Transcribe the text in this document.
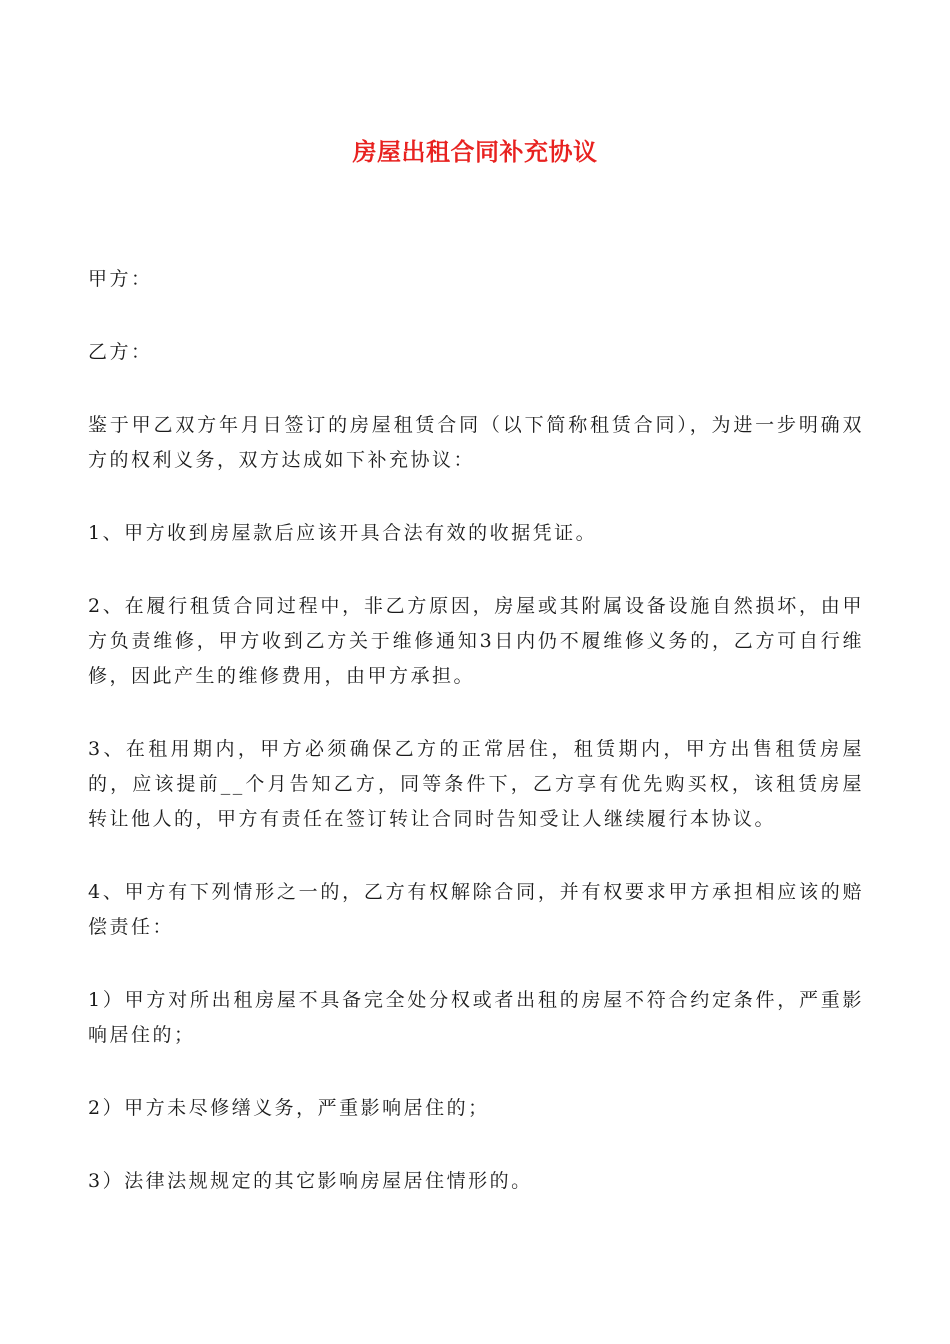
房屋出租合同补充协议

甲方：

乙方：

鉴于甲乙双方年月日签订的房屋租赁合同（以下简称租赁合同），为进一步明确双方的权利义务，双方达成如下补充协议：

1、甲方收到房屋款后应该开具合法有效的收据凭证。

2、在履行租赁合同过程中，非乙方原因，房屋或其附属设备设施自然损坏，由甲方负责维修，甲方收到乙方关于维修通知3日内仍不履维修义务的，乙方可自行维修，因此产生的维修费用，由甲方承担。

3、在租用期内，甲方必须确保乙方的正常居住，租赁期内，甲方出售租赁房屋的，应该提前__个月告知乙方，同等条件下，乙方享有优先购买权，该租赁房屋转让他人的，甲方有责任在签订转让合同时告知受让人继续履行本协议。

4、甲方有下列情形之一的，乙方有权解除合同，并有权要求甲方承担相应该的赔偿责任：

1）甲方对所出租房屋不具备完全处分权或者出租的房屋不符合约定条件，严重影响居住的；

2）甲方未尽修缮义务，严重影响居住的；

3）法律法规规定的其它影响房屋居住情形的。
